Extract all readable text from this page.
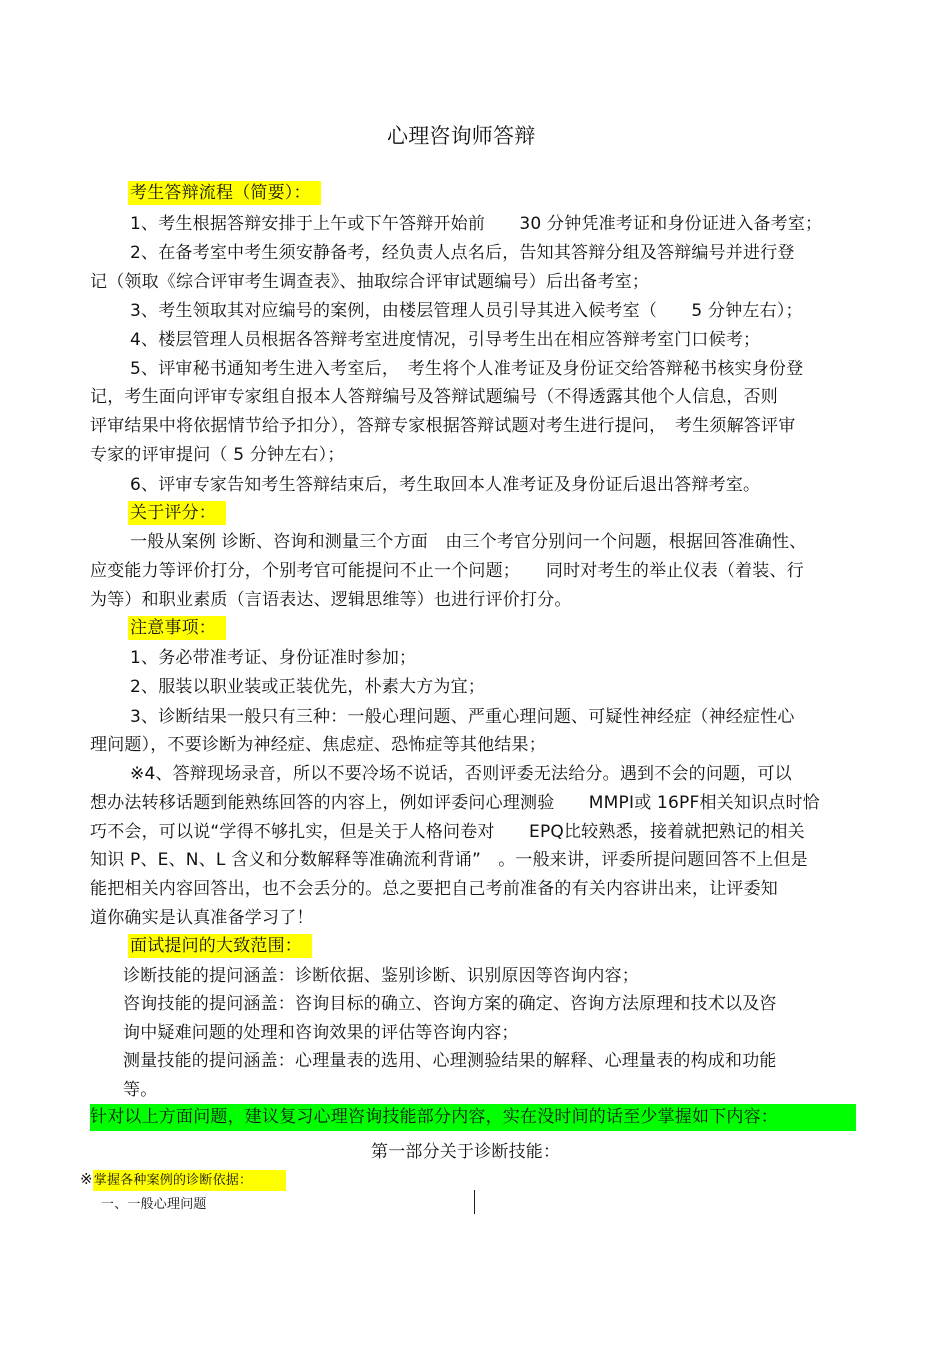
心理咨询师答辩
考生答辩流程（简要）：
1、考生根据答辩安排于上午或下午答辩开始前　　30 分钟凭准考证和身份证进入备考室；
2、在备考室中考生须安静备考，经负责人点名后，告知其答辩分组及答辩编号并进行登
记（领取《综合评审考生调查表》、抽取综合评审试题编号）后出备考室；
3、考生领取其对应编号的案例，由楼层管理人员引导其进入候考室（　　5 分钟左右）；
4、楼层管理人员根据各答辩考室进度情况，引导考生出在相应答辩考室门口候考；
5、评审秘书通知考生进入考室后，　考生将个人准考证及身份证交给答辩秘书核实身份登
记，考生面向评审专家组自报本人答辩编号及答辩试题编号（不得透露其他个人信息，否则
评审结果中将依据情节给予扣分），答辩专家根据答辩试题对考生进行提问，　考生须解答评审
专家的评审提问（ 5 分钟左右）；
6、评审专家告知考生答辩结束后，考生取回本人准考证及身份证后退出答辩考室。
关于评分：
一般从案例 诊断、咨询和测量三个方面　由三个考官分别问一个问题，根据回答准确性、
应变能力等评价打分，个别考官可能提问不止一个问题；　　同时对考生的举止仪表（着装、行
为等）和职业素质（言语表达、逻辑思维等）也进行评价打分。
注意事项：
1、务必带准考证、身份证准时参加；
2、服装以职业装或正装优先，朴素大方为宜；
3、诊断结果一般只有三种：一般心理问题、严重心理问题、可疑性神经症（神经症性心
理问题），不要诊断为神经症、焦虑症、恐怖症等其他结果；
※4、答辩现场录音，所以不要冷场不说话，否则评委无法给分。遇到不会的问题，可以
想办法转移话题到能熟练回答的内容上，例如评委问心理测验　　MMPI或 16PF相关知识点时恰
巧不会，可以说“学得不够扎实，但是关于人格问卷对　　EPQ比较熟悉，接着就把熟记的相关
知识 P、E、N、L 含义和分数解释等准确流利背诵”　。一般来讲，评委所提问题回答不上但是
能把相关内容回答出，也不会丢分的。总之要把自己考前准备的有关内容讲出来，让评委知
道你确实是认真准备学习了！
面试提问的大致范围：
诊断技能的提问涵盖：诊断依据、鉴别诊断、识别原因等咨询内容；
咨询技能的提问涵盖：咨询目标的确立、咨询方案的确定、咨询方法原理和技术以及咨
询中疑难问题的处理和咨询效果的评估等咨询内容；
测量技能的提问涵盖：心理量表的选用、心理测验结果的解释、心理量表的构成和功能
等。
针对以上方面问题，建议复习心理咨询技能部分内容，实在没时间的话至少掌握如下内容：
第一部分关于诊断技能：
※掌握各种案例的诊断依据：
一、一般心理问题
